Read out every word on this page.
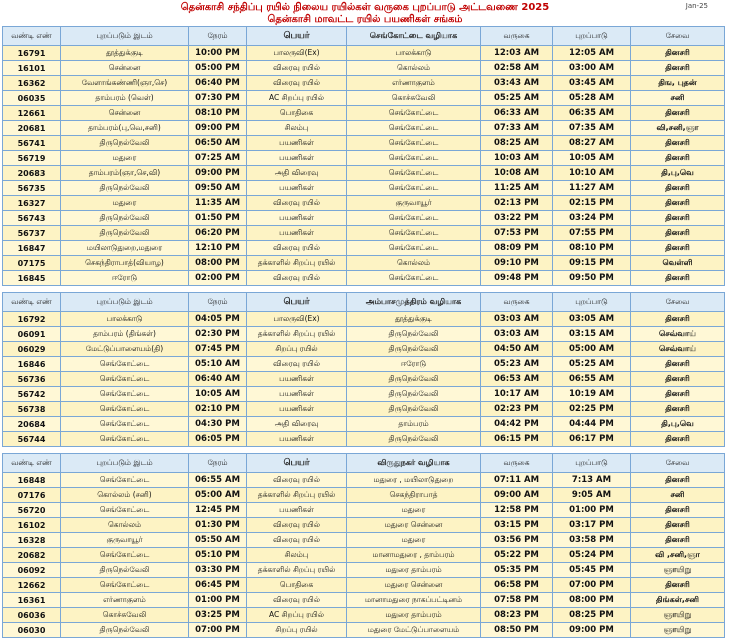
தென்காசி சந்திப்பு ரயில் நிலைய ரயில்கள் வருகை புறப்பாடு அட்டவணை 2025
தென்காசி மாவட்ட ரயில் பயணிகள் சங்கம்
Jan-25
வண்டி எண்	புறப்படும் இடம்	நேரம்	பெயர்	செங்கோட்டை வழியாக	வருகை	புறப்பாடு	சேவை
16791	தூத்துக்குடி	10:00 PM	பாலருவி(Ex)	பாலக்காடு	12:03 AM	12:05 AM	தினசரி
16101	சென்னை	05:00 PM	விரைவு ரயில்	கொல்லம்	02:58 AM	03:00 AM	தினசரி
16362	வேளாங்கண்ணி(ஞா,செ)	06:40 PM	விரைவு ரயில்	எர்ணாகுளம்	03:43 AM	03:45 AM	திங, புதன்
06035	தாம்பரம் (வெள்)	07:30 PM	AC சிறப்பு ரயில்	கொச்சுவேலி	05:25 AM	05:28 AM	சனி
12661	சென்னை	08:10 PM	பொதிகை	செங்கோட்டை	06:33 AM	06:35 AM	தினசரி
20681	தாம்பரம்(பு,வெ,சனி)	09:00 PM	சிலம்பு	செங்கோட்டை	07:33 AM	07:35 AM	வி,சனி,ஞா
56741	திருநெல்வேலி	06:50 AM	பயணிகள்	செங்கோட்டை	08:25 AM	08:27 AM	தினசரி
56719	மதுரை	07:25 AM	பயணிகள்	செங்கோட்டை	10:03 AM	10:05 AM	தினசரி
20683	தாம்பரம்(ஞா,செ,வி)	09:00 PM	அதி விரைவு	செங்கோட்டை	10:08 AM	10:10 AM	தி,பு,வெ
56735	திருநெல்வேலி	09:50 AM	பயணிகள்	செங்கோட்டை	11:25 AM	11:27 AM	தினசரி
16327	மதுரை	11:35 AM	விரைவு ரயில்	குருவாயூர்	02:13 PM	02:15 PM	தினசரி
56743	திருநெல்வேலி	01:50 PM	பயணிகள்	செங்கோட்டை	03:22 PM	03:24 PM	தினசரி
56737	திருநெல்வேலி	06:20 PM	பயணிகள்	செங்கோட்டை	07:53 PM	07:55 PM	தினசரி
16847	மயிலாடுதுறை,மதுரை	12:10 PM	விரைவு ரயில்	செங்கோட்டை	08:09 PM	08:10 PM	தினசரி
07175	செகந்திராபாத்(வியாழ)	08:00 PM	தக்காளில் சிறப்பு ரயில்	கொல்லம்	09:10 PM	09:15 PM	வெள்ளி
16845	ஈரோடு	02:00 PM	விரைவு ரயில்	செங்கோட்டை	09:48 PM	09:50 PM	தினசரி

வண்டி எண்	புறப்படும் இடம்	நேரம்	பெயர்	அம்பாசமுத்திரம் வழியாக	வருகை	புறப்பாடு	சேவை
16792	பாலக்காடு	04:05 PM	பாலருவி(Ex)	தூத்துக்குடி	03:03 AM	03:05 AM	தினசரி
06091	தாம்பரம் (திங்கள்)	02:30 PM	தக்காளில் சிறப்பு ரயில்	திருநெல்வேலி	03:03 AM	03:15 AM	செவ்வாய்
06029	மேட்டுப்பாளையம்(தி)	07:45 PM	சிறப்பு ரயில்	திருநெல்வேலி	04:50 AM	05:00 AM	செவ்வாய்
16846	செங்கோட்டை	05:10 AM	விரைவு ரயில்	ஈரோடு	05:23 AM	05:25 AM	தினசரி
56736	செங்கோட்டை	06:40 AM	பயணிகள்	திருநெல்வேலி	06:53 AM	06:55 AM	தினசரி
56742	செங்கோட்டை	10:05 AM	பயணிகள்	திருநெல்வேலி	10:17 AM	10:19 AM	தினசரி
56738	செங்கோட்டை	02:10 PM	பயணிகள்	திருநெல்வேலி	02:23 PM	02:25 PM	தினசரி
20684	செங்கோட்டை	04:30 PM	அதி விரைவு	தாம்பரம்	04:42 PM	04:44 PM	தி,பு,வெ
56744	செங்கோட்டை	06:05 PM	பயணிகள்	திருநெல்வேலி	06:15 PM	06:17 PM	தினசரி

வண்டி எண்	புறப்படும் இடம்	நேரம்	பெயர்	விருதுநகர் வழியாக	வருகை	புறப்பாடு	சேவை
16848	செங்கோட்டை	06:55 AM	விரைவு ரயில்	மதுரை , மயிலாடுதுறை	07:11 AM	7:13 AM	தினசரி
07176	கொல்லம் (சனி)	05:00 AM	தக்காளில் சிறப்பு ரயில்	செகந்திராபாத்	09:00 AM	9:05 AM	சனி
56720	செங்கோட்டை	12:45 PM	பயணிகள்	மதுரை	12:58 PM	01:00 PM	தினசரி
16102	கொல்லம்	01:30 PM	விரைவு ரயில்	மதுரை சென்னை	03:15 PM	03:17 PM	தினசரி
16328	குருவாயூர்	05:50 AM	விரைவு ரயில்	மதுரை	03:56 PM	03:58 PM	தினசரி
20682	செங்கோட்டை	05:10 PM	சிலம்பு	மானாமதுரை , தாம்பரம்	05:22 PM	05:24 PM	வி ,சனி,ஞா
06092	திருநெல்வேலி	03:30 PM	தக்காளில் சிறப்பு ரயில்	மதுரை தாம்பரம்	05:35 PM	05:45 PM	ஞாயிறு
12662	செங்கோட்டை	06:45 PM	பொதிகை	மதுரை சென்னை	06:58 PM	07:00 PM	தினசரி
16361	எர்ணாகுளம்	01:00 PM	விரைவு ரயில்	மானாமதுரை நாகப்பட்டினம்	07:58 PM	08:00 PM	திங்கள்,சனி
06036	கொச்சுவேலி	03:25 PM	AC சிறப்பு ரயில்	மதுரை தாம்பரம்	08:23 PM	08:25 PM	ஞாயிறு
06030	திருநெல்வேலி	07:00 PM	சிறப்பு ரயில்	மதுரை மேட்டுப்பாளையம்	08:50 PM	09:00 PM	ஞாயிறு
